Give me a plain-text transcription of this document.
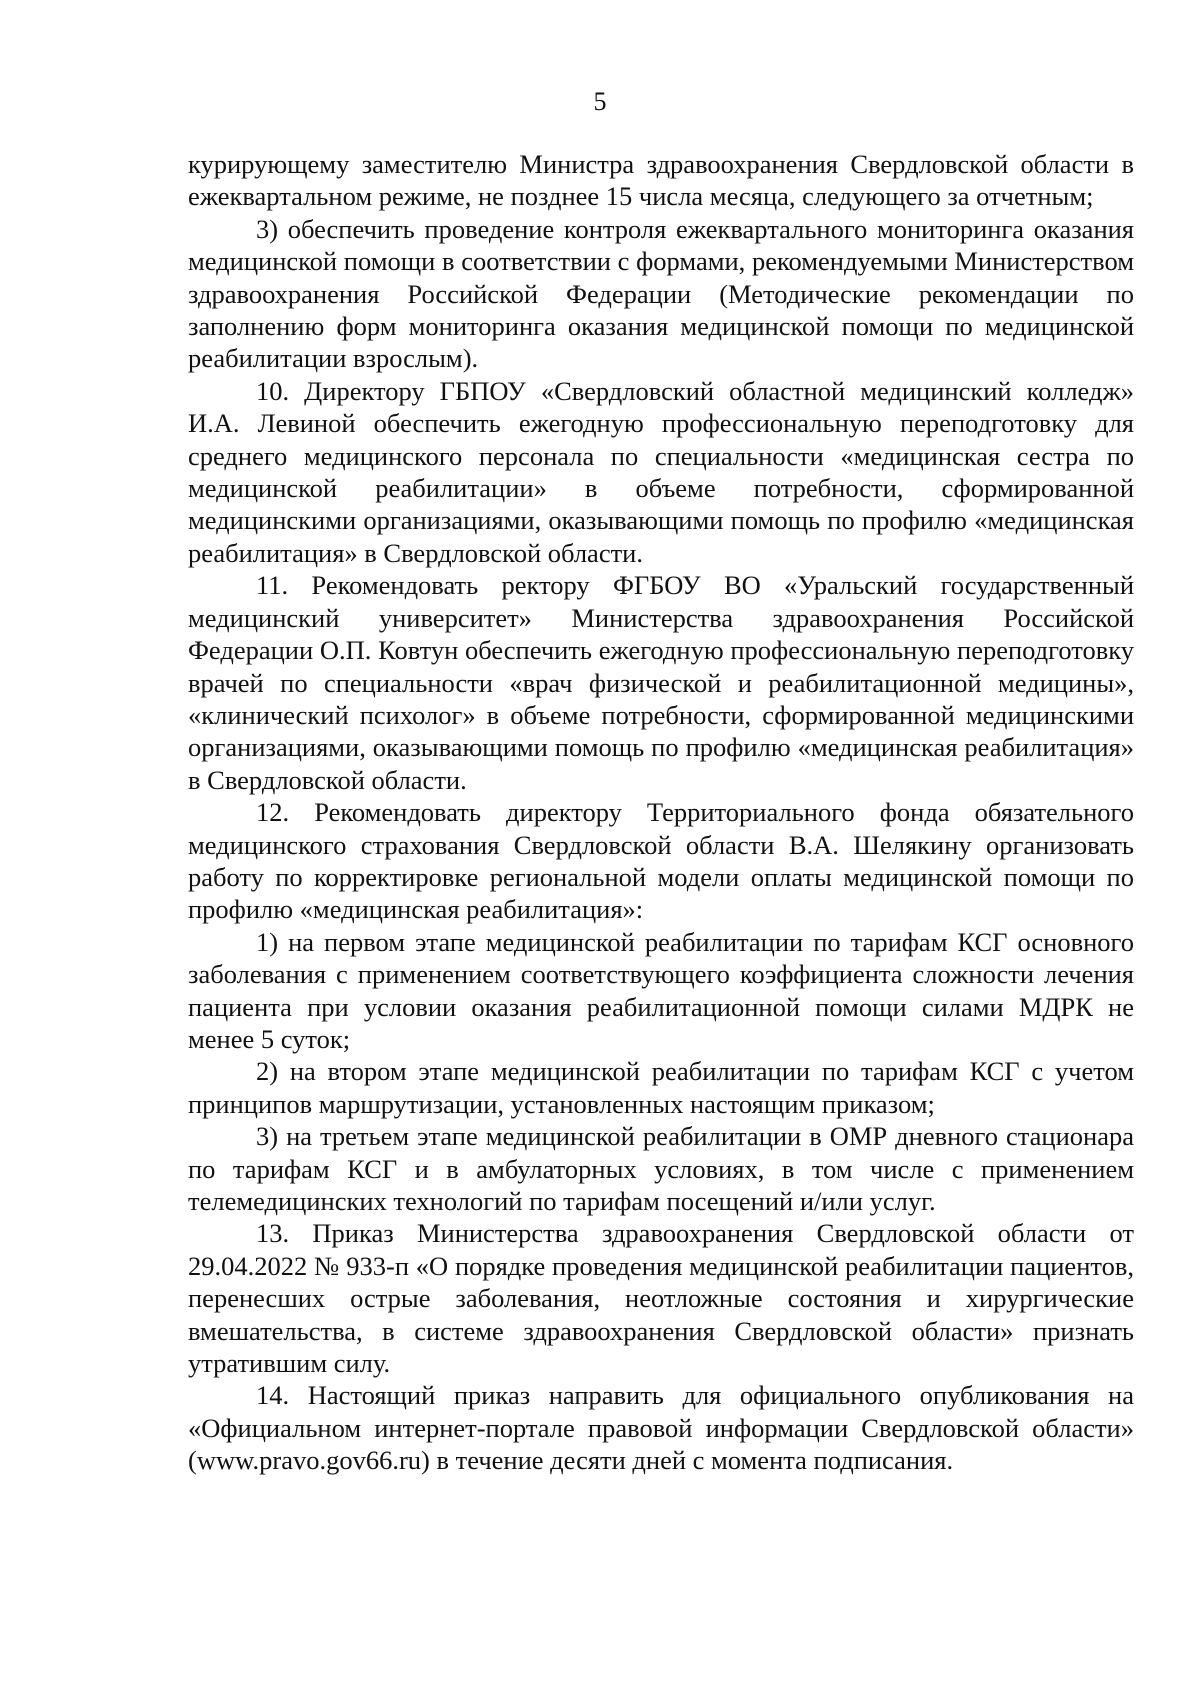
5

курирующему заместителю Министра здравоохранения Свердловской области в ежеквартальном режиме, не позднее 15 числа месяца, следующего за отчетным;

3) обеспечить проведение контроля ежеквартального мониторинга оказания медицинской помощи в соответствии с формами, рекомендуемыми Министерством здравоохранения Российской Федерации (Методические рекомендации по заполнению форм мониторинга оказания медицинской помощи по медицинской реабилитации взрослым).

10. Директору ГБПОУ «Свердловский областной медицинский колледж» И.А. Левиной обеспечить ежегодную профессиональную переподготовку для среднего медицинского персонала по специальности «медицинская сестра по медицинской реабилитации» в объеме потребности, сформированной медицинскими организациями, оказывающими помощь по профилю «медицинская реабилитация» в Свердловской области.

11. Рекомендовать ректору ФГБОУ ВО «Уральский государственный медицинский университет» Министерства здравоохранения Российской Федерации О.П. Ковтун обеспечить ежегодную профессиональную переподготовку врачей по специальности «врач физической и реабилитационной медицины», «клинический психолог» в объеме потребности, сформированной медицинскими организациями, оказывающими помощь по профилю «медицинская реабилитация» в Свердловской области.

12. Рекомендовать директору Территориального фонда обязательного медицинского страхования Свердловской области В.А. Шелякину организовать работу по корректировке региональной модели оплаты медицинской помощи по профилю «медицинская реабилитация»:

1) на первом этапе медицинской реабилитации по тарифам КСГ основного заболевания с применением соответствующего коэффициента сложности лечения пациента при условии оказания реабилитационной помощи силами МДРК не менее 5 суток;

2) на втором этапе медицинской реабилитации по тарифам КСГ с учетом принципов маршрутизации, установленных настоящим приказом;

3) на третьем этапе медицинской реабилитации в ОМР дневного стационара по тарифам КСГ и в амбулаторных условиях, в том числе с применением телемедицинских технологий по тарифам посещений и/или услуг.

13. Приказ Министерства здравоохранения Свердловской области от 29.04.2022 № 933-п «О порядке проведения медицинской реабилитации пациентов, перенесших острые заболевания, неотложные состояния и хирургические вмешательства, в системе здравоохранения Свердловской области» признать утратившим силу.

14. Настоящий приказ направить для официального опубликования на «Официальном интернет-портале правовой информации Свердловской области» (www.pravo.gov66.ru) в течение десяти дней с момента подписания.
